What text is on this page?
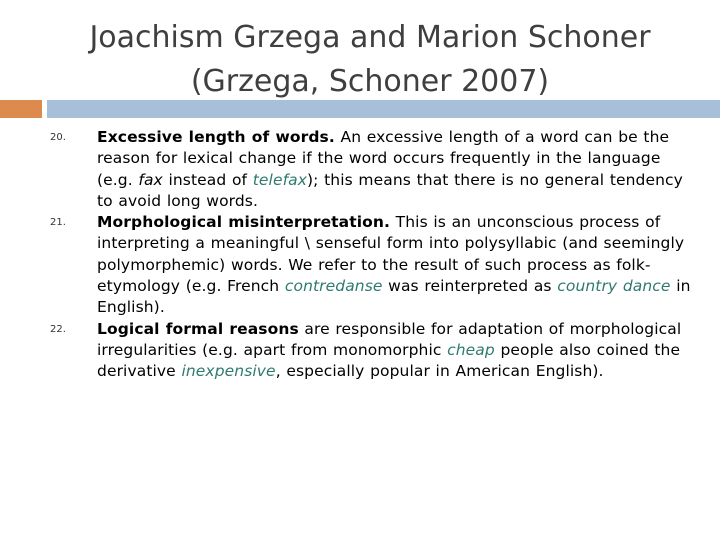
Joachism Grzega and Marion Schoner
(Grzega, Schoner 2007)
20. Excessive length of words. An excessive length of a word can be the reason for lexical change if the word occurs frequently in the language (e.g. fax instead of telefax); this means that there is no general tendency to avoid long words.
21. Morphological misinterpretation. This is an unconscious process of interpreting a meaningful \ senseful form into polysyllabic (and seemingly polymorphemic) words. We refer to the result of such process as folk-etymology (e.g. French contredanse was reinterpreted as country dance in English).
22. Logical formal reasons are responsible for adaptation of morphological irregularities (e.g. apart from monomorphic cheap people also coined the derivative inexpensive, especially popular in American English).
